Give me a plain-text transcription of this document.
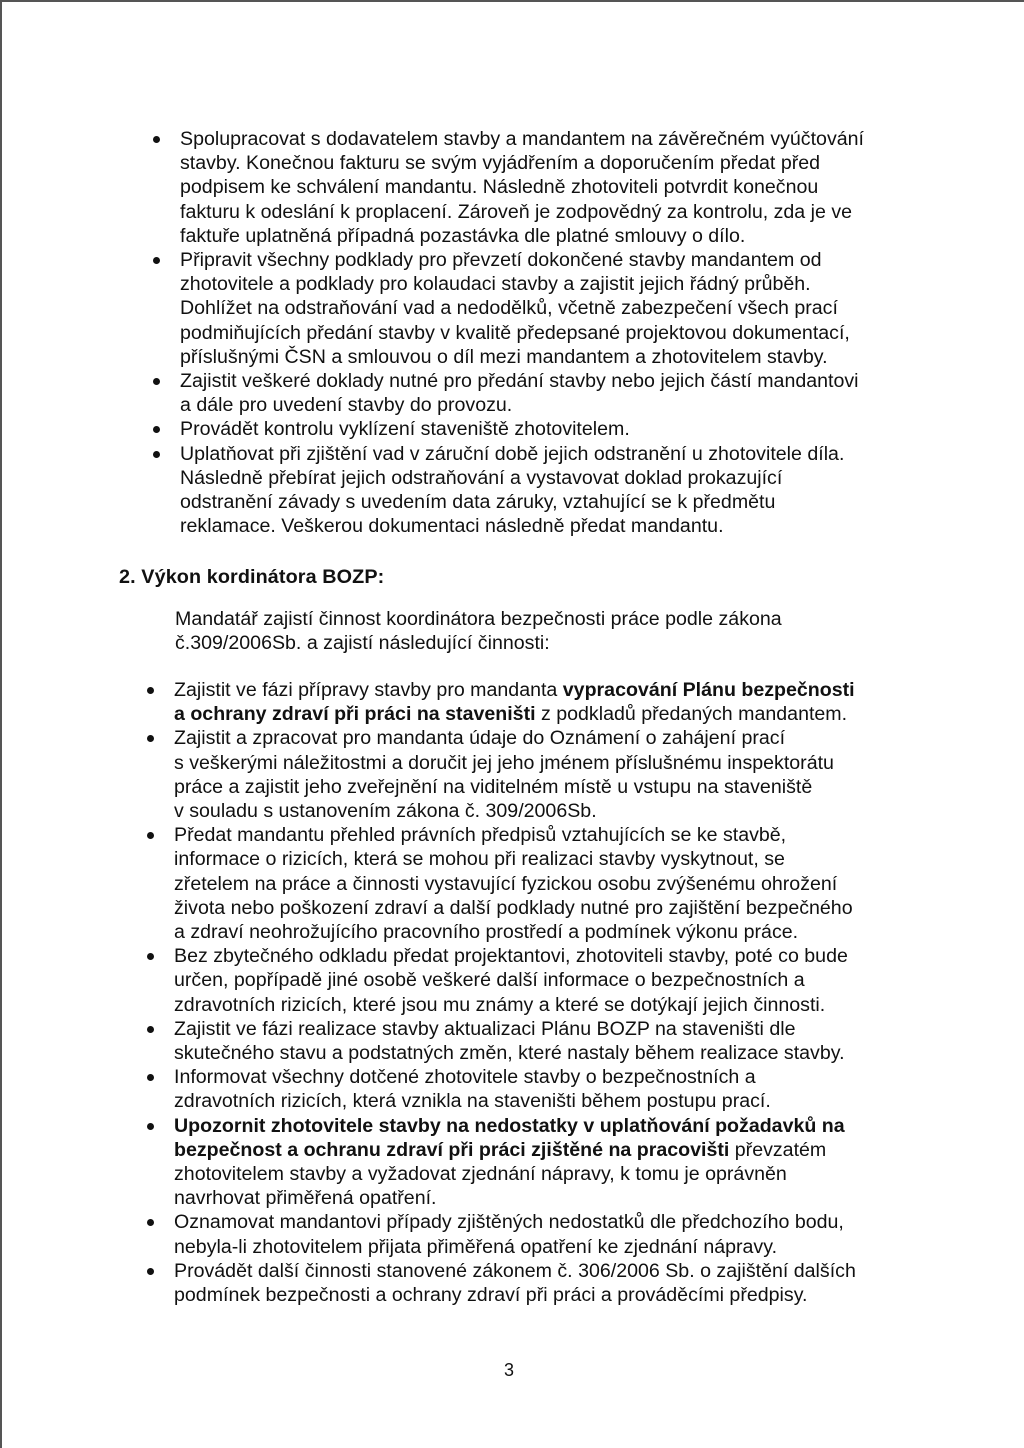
Spolupracovat s dodavatelem stavby a mandantem na závěrečném vyúčtování
stavby. Konečnou fakturu se svým vyjádřením a doporučením předat před
podpisem ke schválení mandantu. Následně zhotoviteli potvrdit konečnou
fakturu k odeslání k proplacení. Zároveň je zodpovědný za kontrolu, zda je ve
faktuře uplatněná případná pozastávka dle platné smlouvy o dílo.
Připravit všechny podklady pro převzetí dokončené stavby mandantem od
zhotovitele a podklady pro kolaudaci stavby a zajistit jejich řádný průběh.
Dohlížet na odstraňování vad a nedodělků, včetně zabezpečení všech prací
podmiňujících předání stavby v kvalitě předepsané projektovou dokumentací,
příslušnými ČSN a smlouvou o díl mezi mandantem a zhotovitelem stavby.
Zajistit veškeré doklady nutné pro předání stavby nebo jejich částí mandantovi
a dále pro uvedení stavby do provozu.
Provádět kontrolu vyklízení staveniště zhotovitelem.
Uplatňovat při zjištění vad v záruční době jejich odstranění u zhotovitele díla.
Následně přebírat jejich odstraňování a vystavovat doklad prokazující
odstranění závady s uvedením data záruky, vztahující se k předmětu
reklamace. Veškerou dokumentaci následně předat mandantu.
2. Výkon kordinátora BOZP:
Mandatář zajistí činnost koordinátora bezpečnosti práce podle zákona
č.309/2006Sb. a zajistí následující činnosti:
Zajistit ve fázi přípravy stavby pro mandanta vypracování Plánu bezpečnosti
a ochrany zdraví při práci na staveništi z podkladů předaných mandantem.
Zajistit a zpracovat pro mandanta údaje do Oznámení o zahájení prací
s veškerými náležitostmi a doručit jej jeho jménem příslušnému inspektorátu
práce a zajistit jeho zveřejnění na viditelném místě u vstupu na staveniště
v souladu s ustanovením zákona č. 309/2006Sb.
Předat mandantu přehled právních předpisů vztahujících se ke stavbě,
informace o rizicích, která se mohou při realizaci stavby vyskytnout, se
zřetelem na práce a činnosti vystavující fyzickou osobu zvýšenému ohrožení
života nebo poškození zdraví a další podklady nutné pro zajištění bezpečného
a zdraví neohrožujícího pracovního prostředí a podmínek výkonu práce.
Bez zbytečného odkladu předat projektantovi, zhotoviteli stavby, poté co bude
určen, popřípadě jiné osobě veškeré další informace o bezpečnostních a
zdravotních rizicích, které jsou mu známy a které se dotýkají jejich činnosti.
Zajistit ve fázi realizace stavby aktualizaci Plánu BOZP na staveništi dle
skutečného stavu a podstatných změn, které nastaly během realizace stavby.
Informovat všechny dotčené zhotovitele stavby o bezpečnostních a
zdravotních rizicích, která vznikla na staveništi během postupu prací.
Upozornit zhotovitele stavby na nedostatky v uplatňování požadavků na
bezpečnost a ochranu zdraví při práci zjištěné na pracovišti převzatém
zhotovitelem stavby a vyžadovat zjednání nápravy, k tomu je oprávněn
navrhovat přiměřená opatření.
Oznamovat mandantovi případy zjištěných nedostatků dle předchozího bodu,
nebyla-li zhotovitelem přijata přiměřená opatření ke zjednání nápravy.
Provádět další činnosti stanovené zákonem č. 306/2006 Sb. o zajištění dalších
podmínek bezpečnosti a ochrany zdraví při práci a prováděcími předpisy.
3
